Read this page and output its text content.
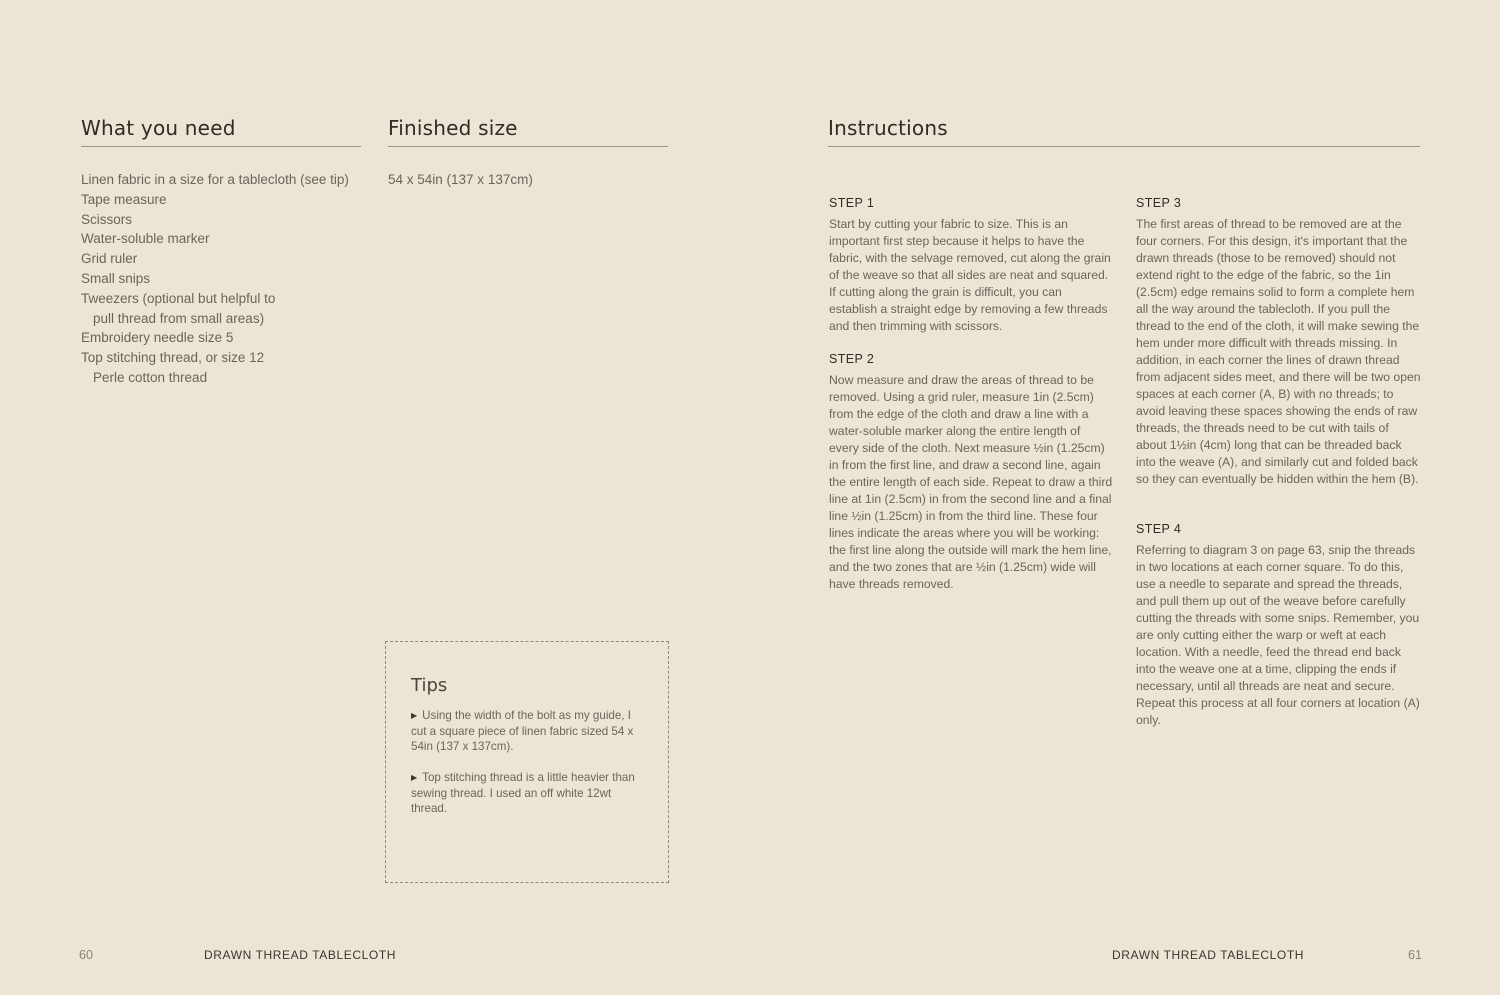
What you need
Linen fabric in a size for a tablecloth (see tip)
Tape measure
Scissors
Water-soluble marker
Grid ruler
Small snips
Tweezers (optional but helpful to
pull thread from small areas)
Embroidery needle size 5
Top stitching thread, or size 12
Perle cotton thread
Finished size

54 x 54in (137 x 137cm)

Tips
▶ Using the width of the bolt as my guide, I cut a square piece of linen fabric sized 54 x 54in (137 x 137cm).
▶ Top stitching thread is a little heavier than sewing thread. I used an off white 12wt thread.
60	DRAWN THREAD TABLECLOTH
Instructions
STEP 1

Start by cutting your fabric to size. This is an important first step because it helps to have the fabric, with the selvage removed, cut along the grain of the weave so that all sides are neat and squared. If cutting along the grain is difficult, you can establish a straight edge by removing a few threads and then trimming with scissors.

STEP 2

Now measure and draw the areas of thread to be removed. Using a grid ruler, measure 1in (2.5cm) from the edge of the cloth and draw a line with a water-soluble marker along the entire length of every side of the cloth. Next measure ½in (1.25cm) in from the first line, and draw a second line, again the entire length of each side. Repeat to draw a third line at 1in (2.5cm) in from the second line and a final line ½in (1.25cm) in from the third line. These four lines indicate the areas where you will be working: the first line along the outside will mark the hem line, and the two zones that are ½in (1.25cm) wide will have threads removed.

STEP 3

The first areas of thread to be removed are at the four corners. For this design, it's important that the drawn threads (those to be removed) should not extend right to the edge of the fabric, so the 1in (2.5cm) edge remains solid to form a complete hem all the way around the tablecloth. If you pull the thread to the end of the cloth, it will make sewing the hem under more difficult with threads missing. In addition, in each corner the lines of drawn thread from adjacent sides meet, and there will be two open spaces at each corner (A, B) with no threads; to avoid leaving these spaces showing the ends of raw threads, the threads need to be cut with tails of about 1½in (4cm) long that can be threaded back into the weave (A), and similarly cut and folded back so they can eventually be hidden within the hem (B).

STEP 4

Referring to diagram 3 on page 63, snip the threads in two locations at each corner square. To do this, use a needle to separate and spread the threads, and pull them up out of the weave before carefully cutting the threads with some snips. Remember, you are only cutting either the warp or weft at each location. With a needle, feed the thread end back into the weave one at a time, clipping the ends if necessary, until all threads are neat and secure. Repeat this process at all four corners at location (A) only.

DRAWN THREAD TABLECLOTH	61
